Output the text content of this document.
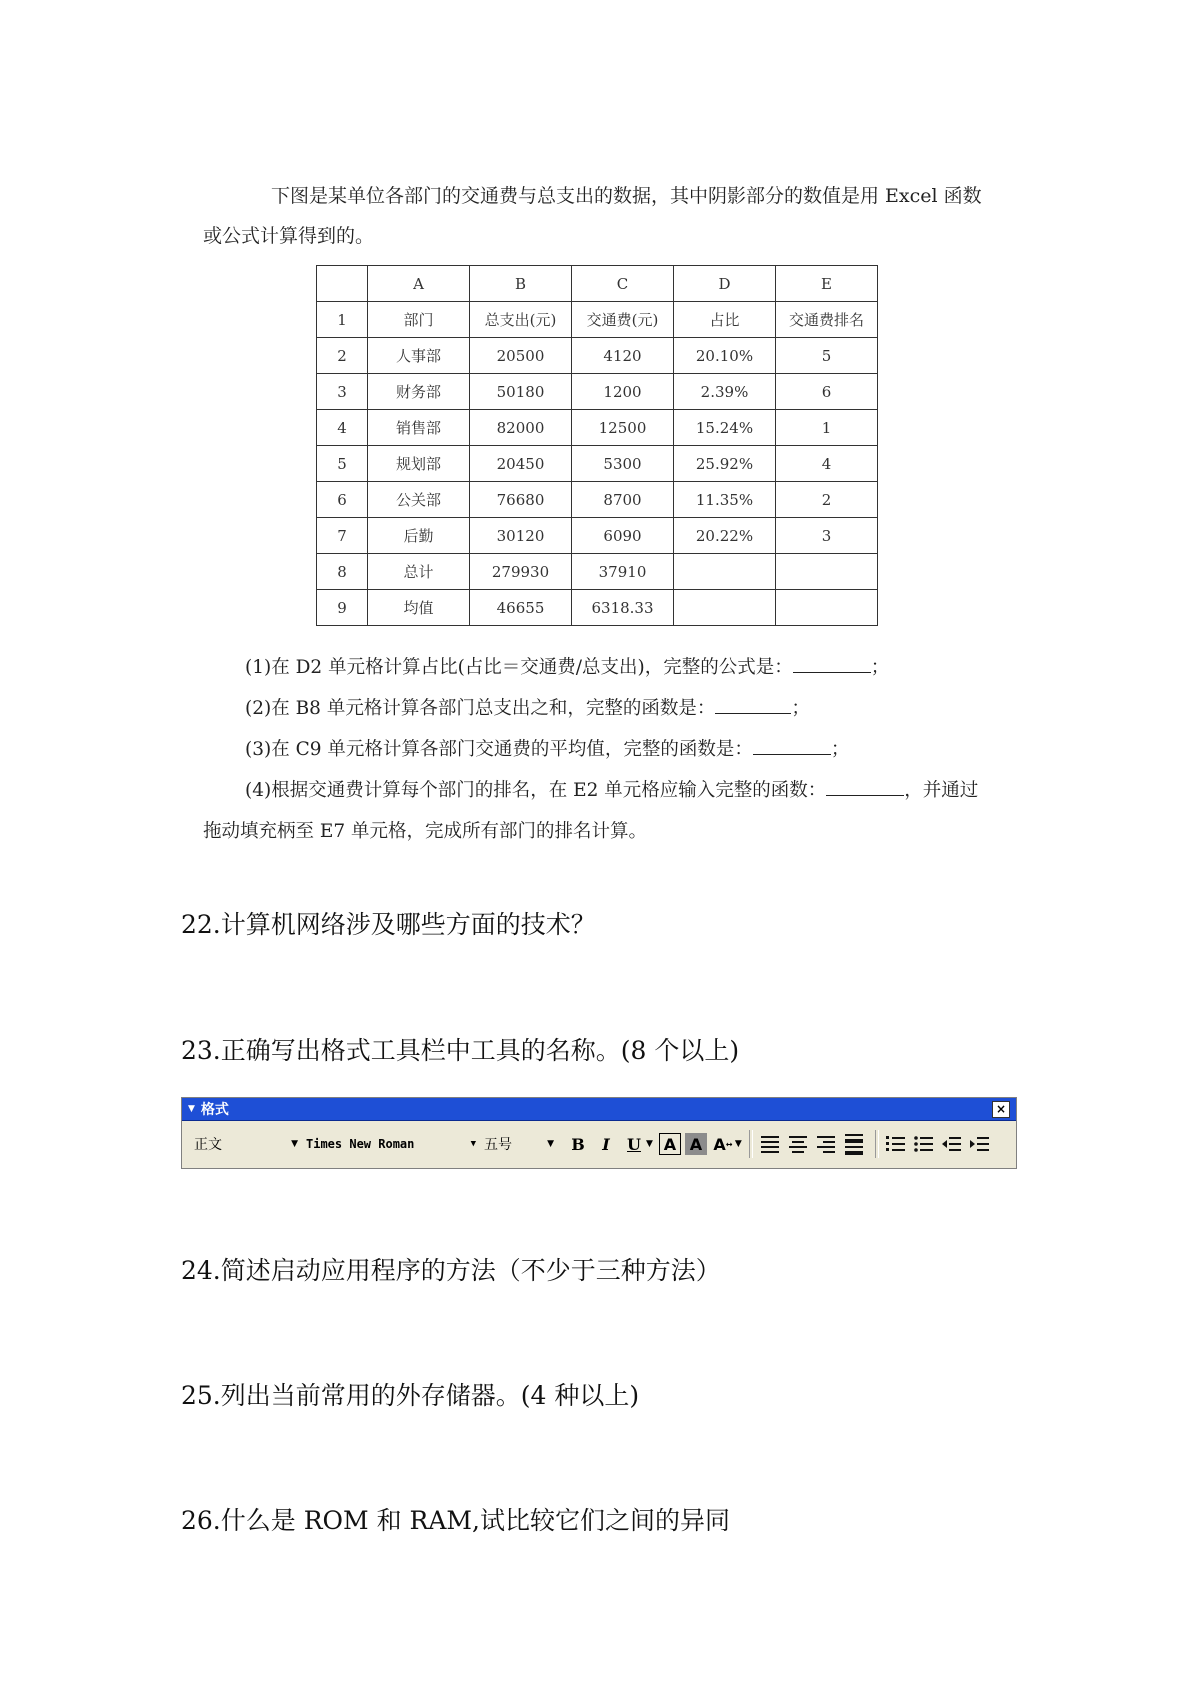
下图是某单位各部门的交通费与总支出的数据，其中阴影部分的数值是用 Excel 函数
或公式计算得到的。
	A	B	C	D	E
1	部门	总支出(元)	交通费(元)	占比	交通费排名
2	人事部	20500	4120	20.10%	5
3	财务部	50180	1200	2.39%	6
4	销售部	82000	12500	15.24%	1
5	规划部	20450	5300	25.92%	4
6	公关部	76680	8700	11.35%	2
7	后勤	30120	6090	20.22%	3
8	总计	279930	37910		
9	均值	46655	6318.33		
(1)在 D2 单元格计算占比(占比＝交通费/总支出)，完整的公式是：	；
(2)在 B8 单元格计算各部门总支出之和，完整的函数是：	；
(3)在 C9 单元格计算各部门交通费的平均值，完整的函数是：	；
(4)根据交通费计算每个部门的排名，在 E2 单元格应输入完整的函数：	，并通过
拖动填充柄至 E7 单元格，完成所有部门的排名计算。
22.计算机网络涉及哪些方面的技术？
23.正确写出格式工具栏中工具的名称。(8 个以上)
▼ 格式	×
正文	▼ Times New Roman	▼ 五号	▼	B	I	U ▼ A A A ↔ ▼
24.简述启动应用程序的方法（不少于三种方法）
25.列出当前常用的外存储器。(4 种以上)
26.什么是 ROM 和 RAM,试比较它们之间的异同
